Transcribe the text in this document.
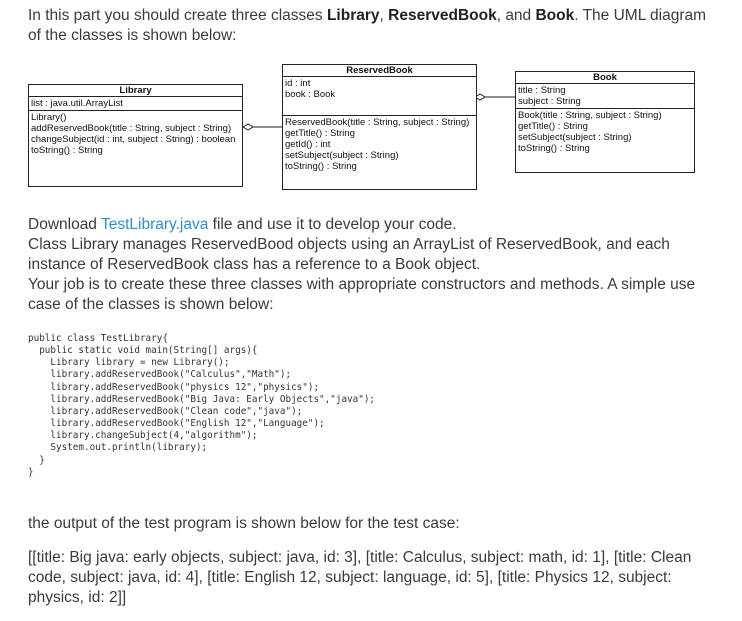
In this part you should create three classes Library, ReservedBook, and Book. The UML diagram of the classes is shown below:
Library
list : java.util.ArrayList
Library()
addReservedBook(title : String, subject : String)
changeSubject(id : int, subject : String) : boolean
toString() : String
ReservedBook
id : int
book : Book
ReservedBook(title : String, subject : String)
getTitle() : String
getId() : int
setSubject(subject : String)
toString() : String
Book
title : String
subject : String
Book(title : String, subject : String)
getTitle() : String
setSubject(subject : String)
toString() : String
Download TestLibrary.java file and use it to develop your code.
Class Library manages ReservedBood objects using an ArrayList of ReservedBook, and each instance of ReservedBook class has a reference to a Book object.
Your job is to create these three classes with appropriate constructors and methods. A simple use case of the classes is shown below:
public class TestLibrary{
public static void main(String[] args){
Library library = new Library();
library.addReservedBook("Calculus","Math");
library.addReservedBook("physics 12","physics");
library.addReservedBook("Big Java: Early Objects","java");
library.addReservedBook("Clean code","java");
library.addReservedBook("English 12","Language");
library.changeSubject(4,"algorithm");
System.out.println(library);
}
}
the output of the test program is shown below for the test case:
[[title: Big java: early objects, subject: java, id: 3], [title: Calculus, subject: math, id: 1], [title: Clean code, subject: java, id: 4], [title: English 12, subject: language, id: 5], [title: Physics 12, subject: physics, id: 2]]
